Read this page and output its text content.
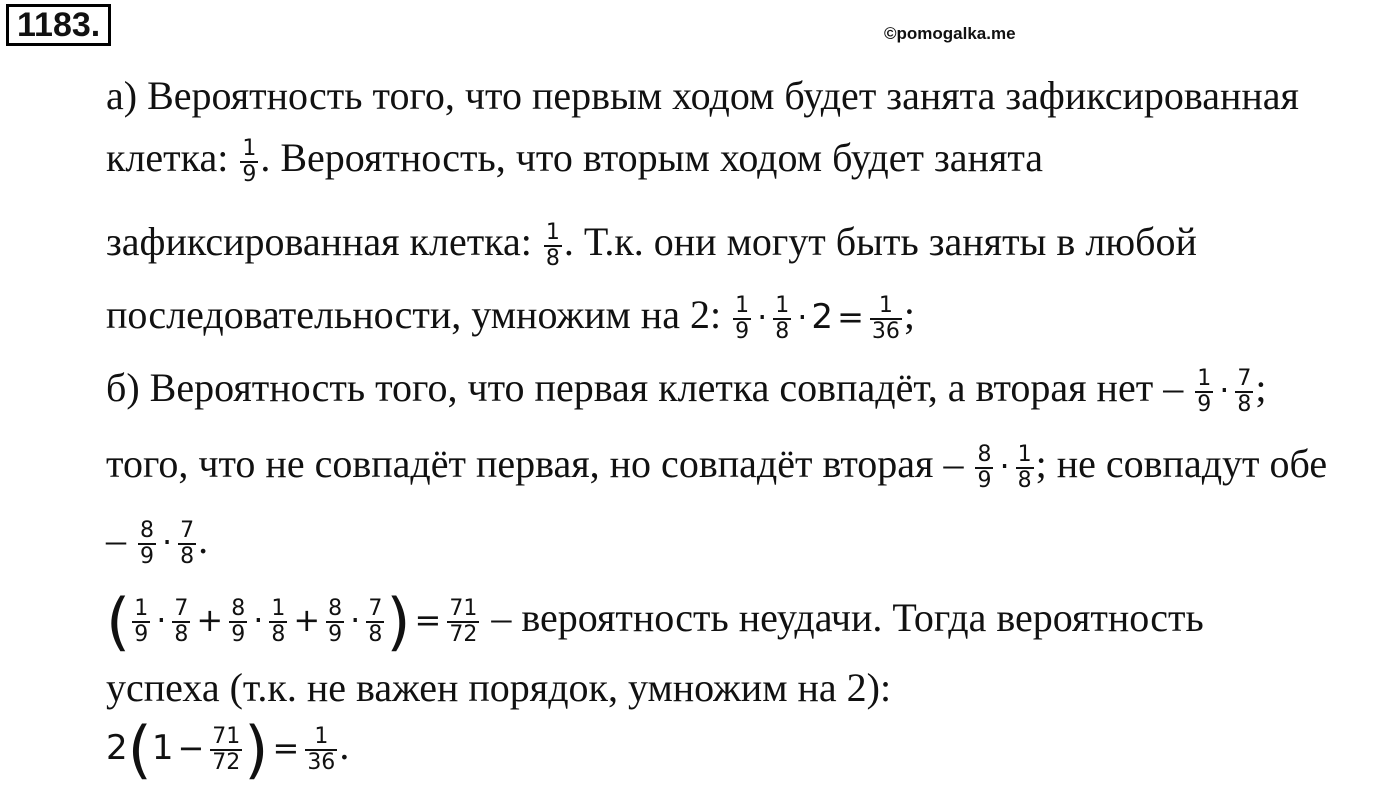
1183.	©pomogalka.me
а) Вероятность того, что первым ходом будет занята зафиксированная
клетка: $\frac{1}{9}$ . Вероятность, что вторым ходом будет занята
зафиксированная клетка: $\frac{1}{8}$ . Т.к. они могут быть заняты в любой
последовательности, умножим на 2: $\frac{1}{9} \cdot \frac{1}{8} \cdot 2 = \frac{1}{36}$ ;
б) Вероятность того, что первая клетка совпадёт, а вторая нет – $\frac{1}{9} \cdot \frac{7}{8}$ ;
того, что не совпадёт первая, но совпадёт вторая – $\frac{8}{9} \cdot \frac{1}{8}$ ; не совпадут обе
– $\frac{8}{9} \cdot \frac{7}{8}$ .
( $\frac{1}{9} \cdot \frac{7}{8} + \frac{8}{9} \cdot \frac{1}{8} + \frac{8}{9} \cdot \frac{7}{8}$ ) = $\frac{71}{72}$ – вероятность неудачи. Тогда вероятность
успеха (т.к. не важен порядок, умножим на 2):
$2(1 - \frac{71}{72}$ ) = $\frac{1}{36}$ .
